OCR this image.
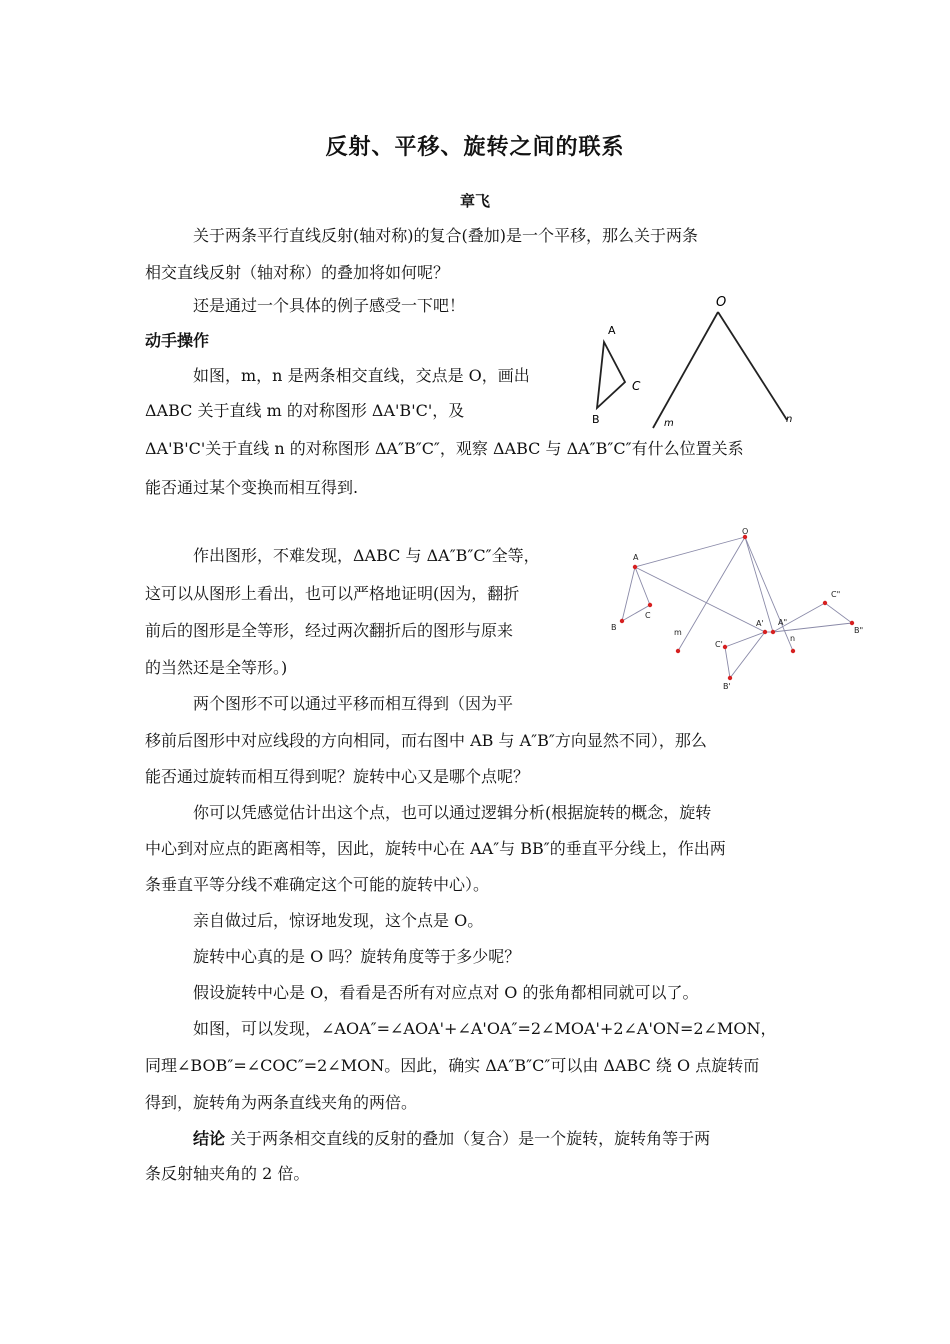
反射、平移、旋转之间的联系
章飞
关于两条平行直线反射(轴对称)的复合(叠加)是一个平移，那么关于两条
相交直线反射（轴对称）的叠加将如何呢？
还是通过一个具体的例子感受一下吧！
动手操作
如图，m，n 是两条相交直线，交点是 O，画出
ΔABC 关于直线 m 的对称图形 ΔA'B'C'，及
ΔA'B'C'关于直线 n 的对称图形 ΔA″B″C″，观察 ΔABC 与 ΔA″B″C″有什么位置关系
能否通过某个变换而相互得到.
O
A
B
C
m	n
O
A
B
C
m
n
A'
C'
B'
A"
C"
B"
作出图形，不难发现，ΔABC 与 ΔA″B″C″全等，
这可以从图形上看出，也可以严格地证明(因为，翻折
前后的图形是全等形，经过两次翻折后的图形与原来
的当然还是全等形。)
两个图形不可以通过平移而相互得到（因为平
移前后图形中对应线段的方向相同，而右图中 AB 与 A″B″方向显然不同），那么
能否通过旋转而相互得到呢？旋转中心又是哪个点呢？
你可以凭感觉估计出这个点，也可以通过逻辑分析(根据旋转的概念，旋转
中心到对应点的距离相等，因此，旋转中心在 AA″与 BB″的垂直平分线上，作出两
条垂直平等分线不难确定这个可能的旋转中心）。
亲自做过后，惊讶地发现，这个点是 O。
旋转中心真的是 O 吗？旋转角度等于多少呢？
假设旋转中心是 O，看看是否所有对应点对 O 的张角都相同就可以了。
如图，可以发现，∠AOA″=∠AOA'+∠A'OA″=2∠MOA'+2∠A'ON=2∠MON，
同理∠BOB″=∠COC″=2∠MON。因此，确实 ΔA″B″C″可以由 ΔABC 绕 O 点旋转而
得到，旋转角为两条直线夹角的两倍。
结论 关于两条相交直线的反射的叠加（复合）是一个旋转，旋转角等于两
条反射轴夹角的 2 倍。
